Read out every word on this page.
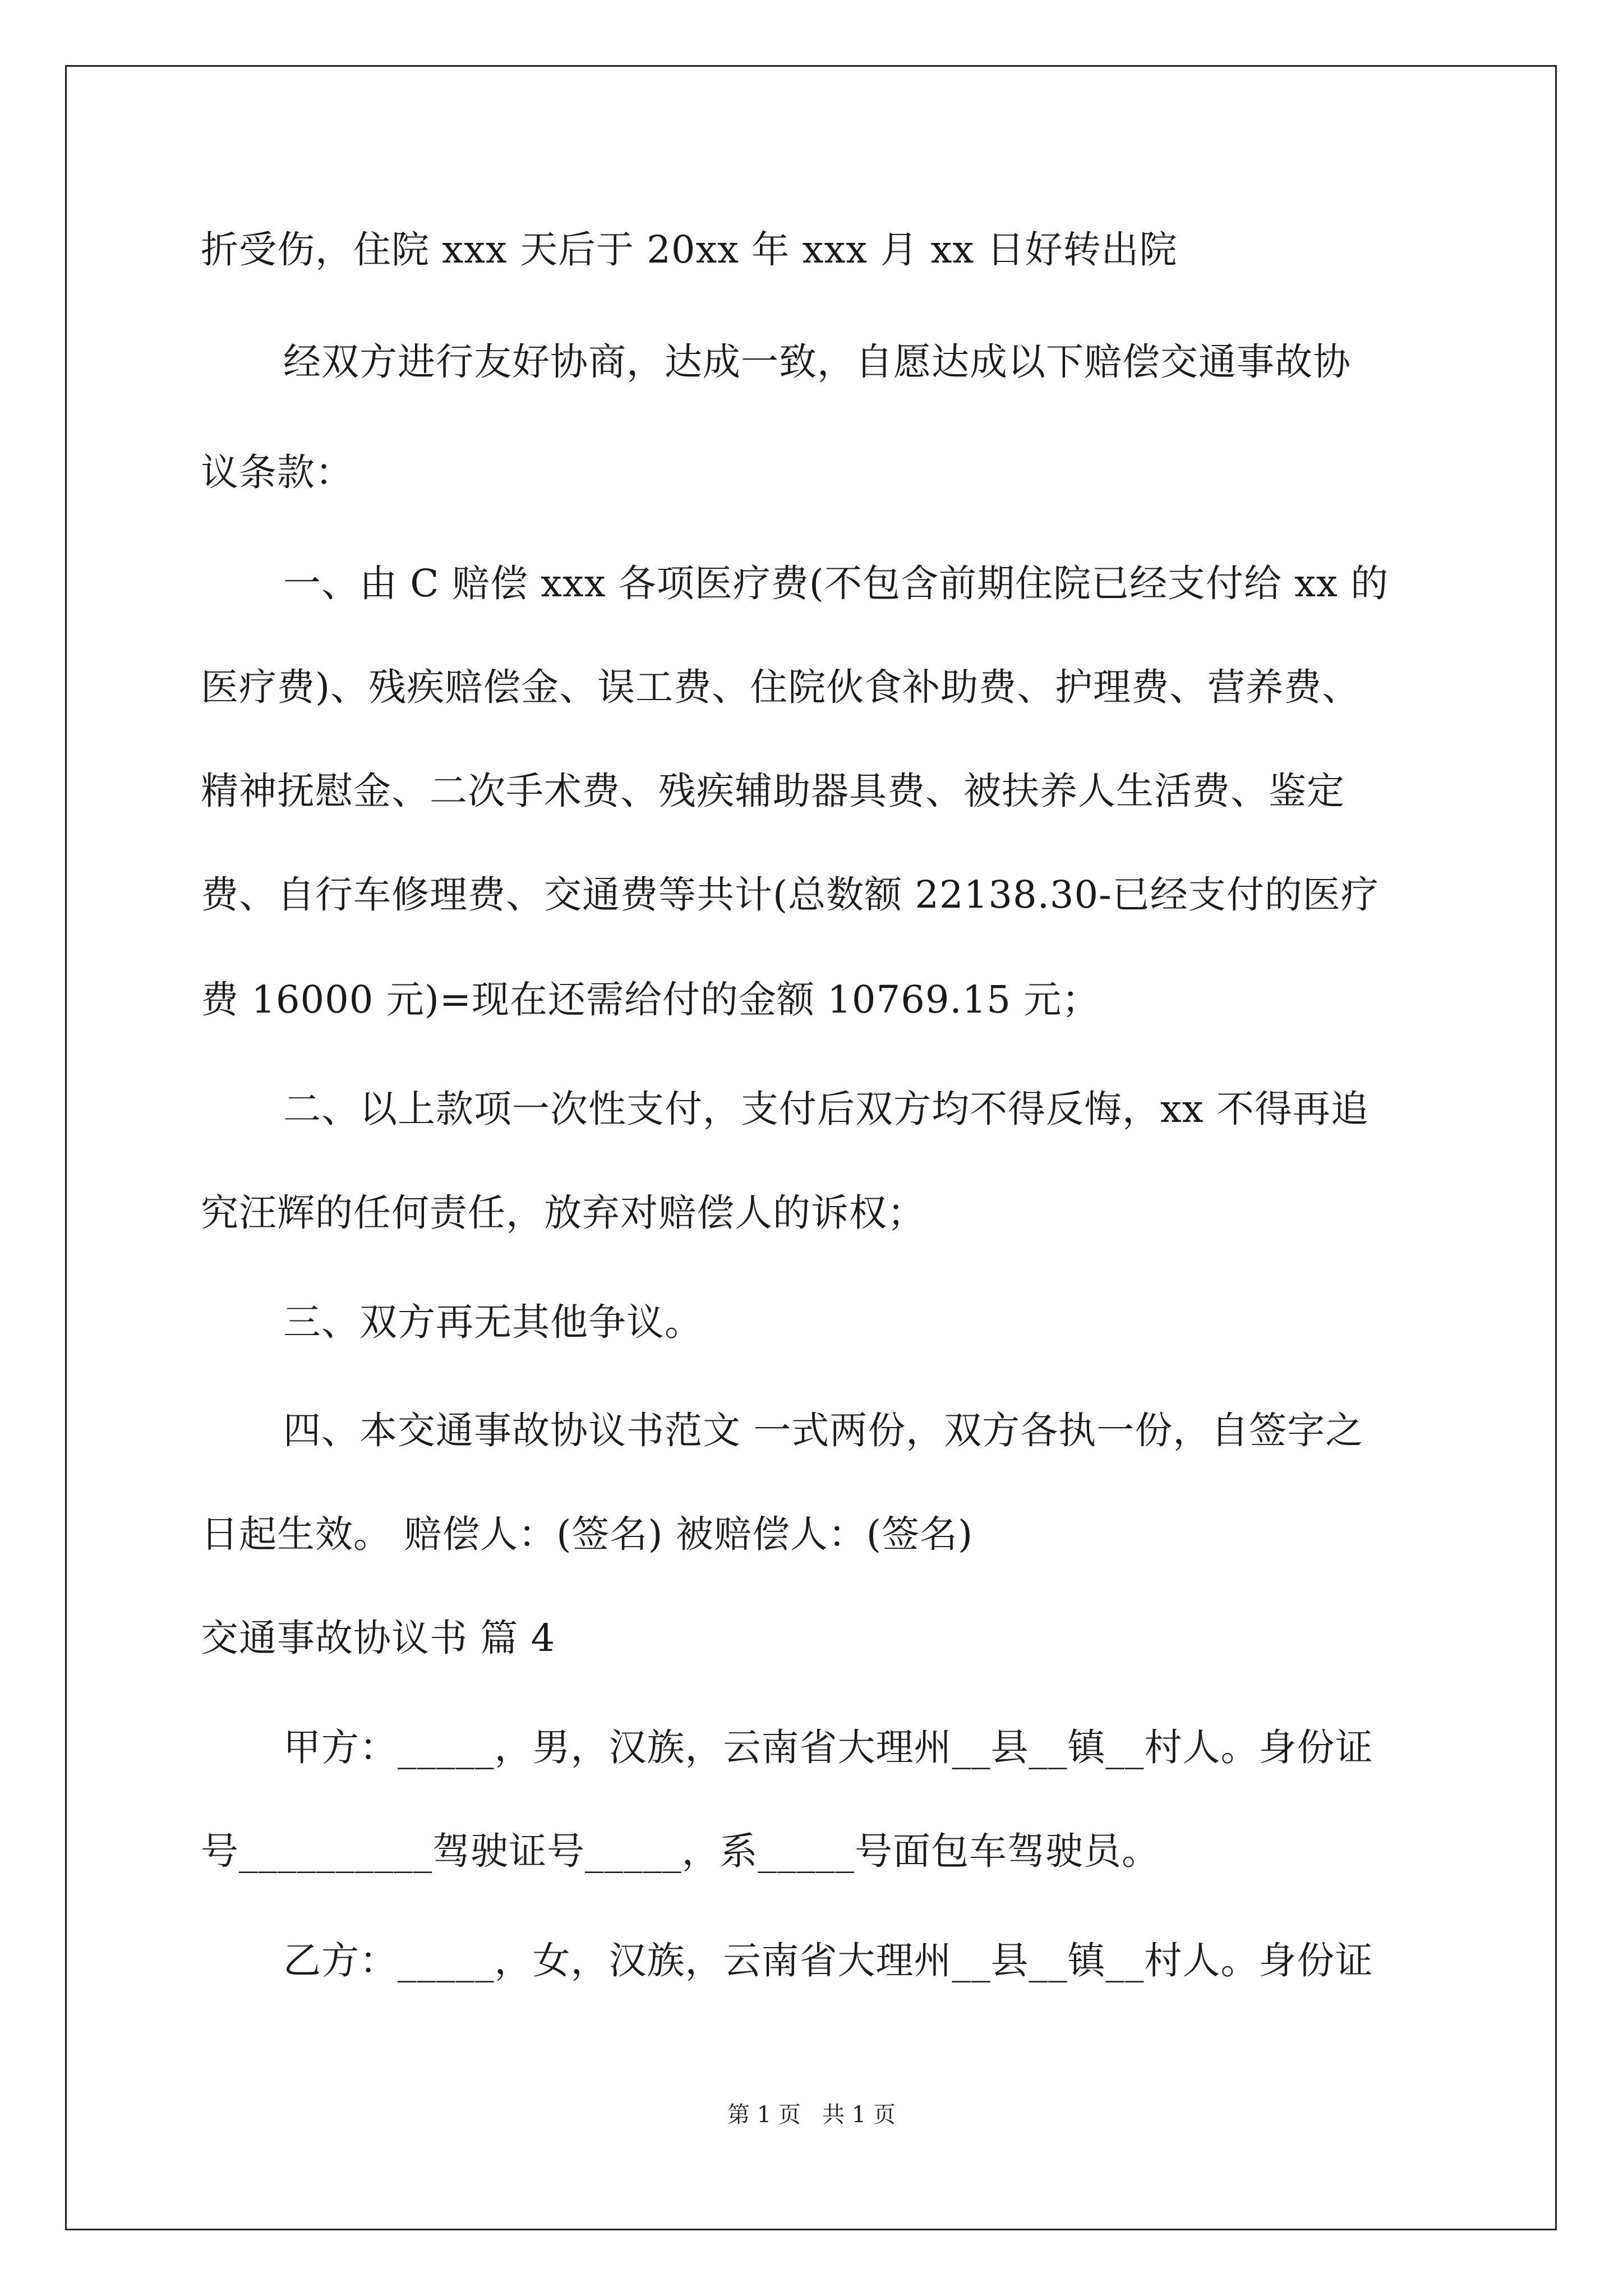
折受伤，住院 xxx 天后于 20xx 年 xxx 月 xx 日好转出院
经双方进行友好协商，达成一致，自愿达成以下赔偿交通事故协
议条款：
一、由 C 赔偿 xxx 各项医疗费(不包含前期住院已经支付给 xx 的
医疗费)、残疾赔偿金、误工费、住院伙食补助费、护理费、营养费、
精神抚慰金、二次手术费、残疾辅助器具费、被扶养人生活费、鉴定
费、自行车修理费、交通费等共计(总数额 22138.30-已经支付的医疗
费 16000 元)=现在还需给付的金额 10769.15 元；
二、以上款项一次性支付，支付后双方均不得反悔，xx 不得再追
究汪辉的任何责任，放弃对赔偿人的诉权；
三、双方再无其他争议。
四、本交通事故协议书范文 一式两份，双方各执一份，自签字之
日起生效。 赔偿人：(签名) 被赔偿人：(签名)
交通事故协议书 篇 4
甲方：_____，男，汉族，云南省大理州__县__镇__村人。身份证
号__________驾驶证号_____，系_____号面包车驾驶员。
乙方：_____，女，汉族，云南省大理州__县__镇__村人。身份证
第 1 页   共 1 页
